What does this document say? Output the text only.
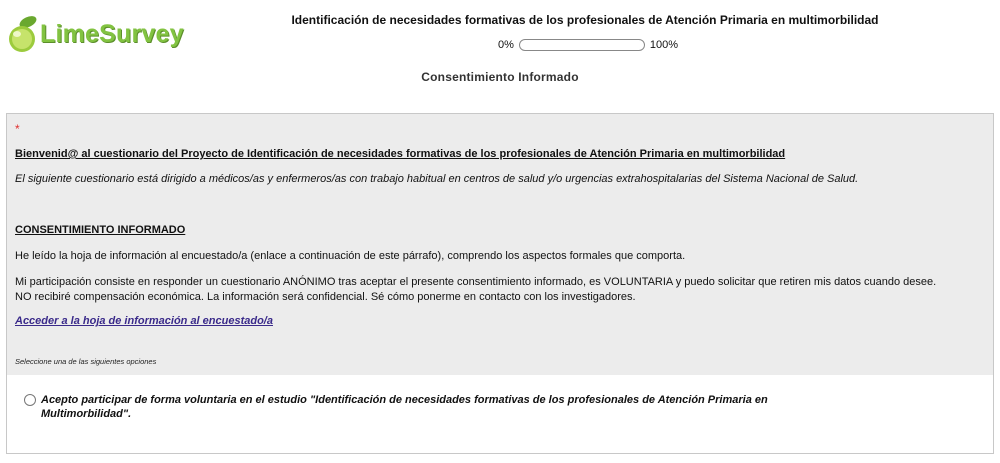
LimeSurvey	Identificación de necesidades formativas de los profesionales de Atención Primaria en multimorbilidad
0%	100%
Consentimiento Informado
*
Bienvenid@ al cuestionario del Proyecto de Identificación de necesidades formativas de los profesionales de Atención Primaria en multimorbilidad
El siguiente cuestionario está dirigido a médicos/as y enfermeros/as con trabajo habitual en centros de salud y/o urgencias extrahospitalarias del Sistema Nacional de Salud.
CONSENTIMIENTO INFORMADO
He leído la hoja de información al encuestado/a (enlace a continuación de este párrafo), comprendo los aspectos formales que comporta.
Mi participación consiste en responder un cuestionario ANÓNIMO tras aceptar el presente consentimiento informado, es VOLUNTARIA y puedo solicitar que retiren mis datos cuando desee.
NO recibiré compensación económica. La información será confidencial. Sé cómo ponerme en contacto con los investigadores.
Acceder a la hoja de información al encuestado/a
Seleccione una de las siguientes opciones
Acepto participar de forma voluntaria en el estudio "Identificación de necesidades formativas de los profesionales de Atención Primaria en
Multimorbilidad".
